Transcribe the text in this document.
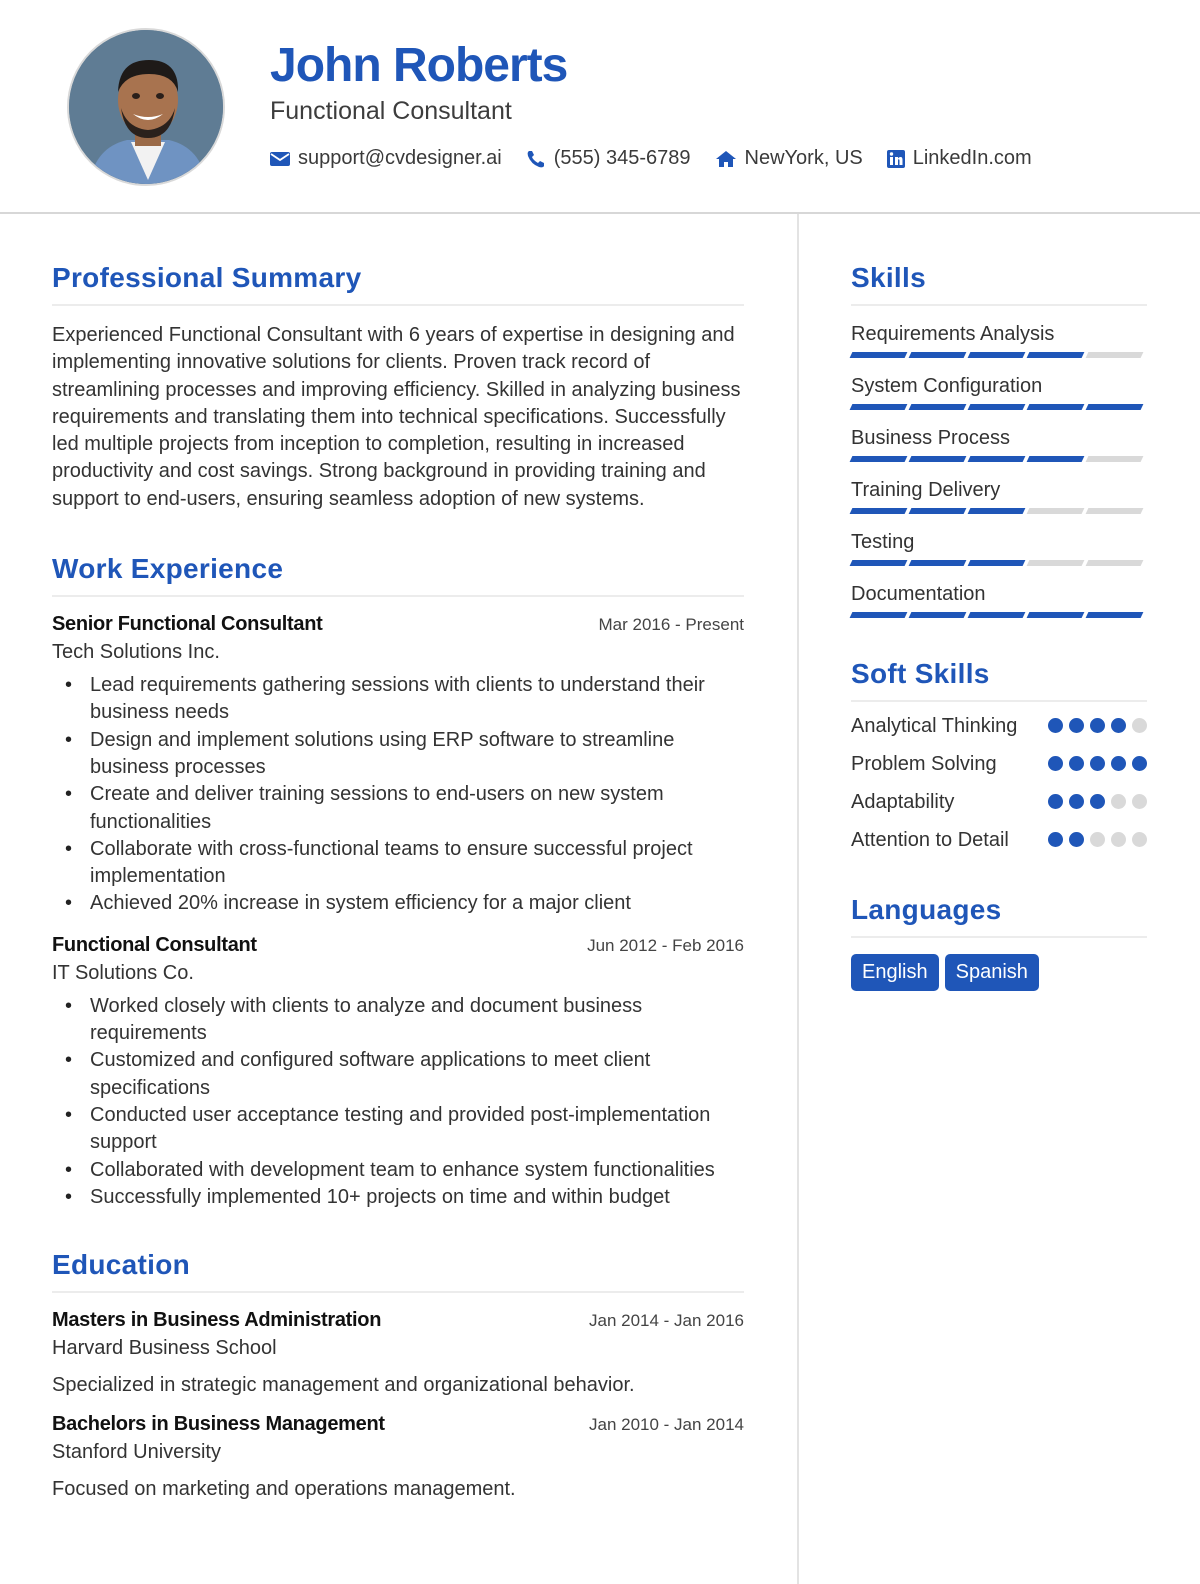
John Roberts
Functional Consultant
support@cvdesigner.ai	(555) 345-6789	NewYork, US	LinkedIn.com
Professional Summary

Experienced Functional Consultant with 6 years of expertise in designing and implementing innovative solutions for clients. Proven track record of streamlining processes and improving efficiency. Skilled in analyzing business requirements and translating them into technical specifications. Successfully led multiple projects from inception to completion, resulting in increased productivity and cost savings. Strong background in providing training and support to end-users, ensuring seamless adoption of new systems.

Work Experience
Senior Functional Consultant	Mar 2016 - Present
Tech Solutions Inc.
• Lead requirements gathering sessions with clients to understand their business needs
• Design and implement solutions using ERP software to streamline business processes
• Create and deliver training sessions to end-users on new system functionalities
• Collaborate with cross-functional teams to ensure successful project implementation
• Achieved 20% increase in system efficiency for a major client
Functional Consultant	Jun 2012 - Feb 2016
IT Solutions Co.
• Worked closely with clients to analyze and document business requirements
• Customized and configured software applications to meet client specifications
• Conducted user acceptance testing and provided post-implementation support
• Collaborated with development team to enhance system functionalities
• Successfully implemented 10+ projects on time and within budget
Education
Masters in Business Administration	Jan 2014 - Jan 2016
Harvard Business School
Specialized in strategic management and organizational behavior.
Bachelors in Business Management	Jan 2010 - Jan 2014
Stanford University
Focused on marketing and operations management.
Skills
Requirements Analysis
System Configuration
Business Process
Training Delivery
Testing
Documentation
Soft Skills
Analytical Thinking
Problem Solving
Adaptability
Attention to Detail
Languages
English	Spanish
